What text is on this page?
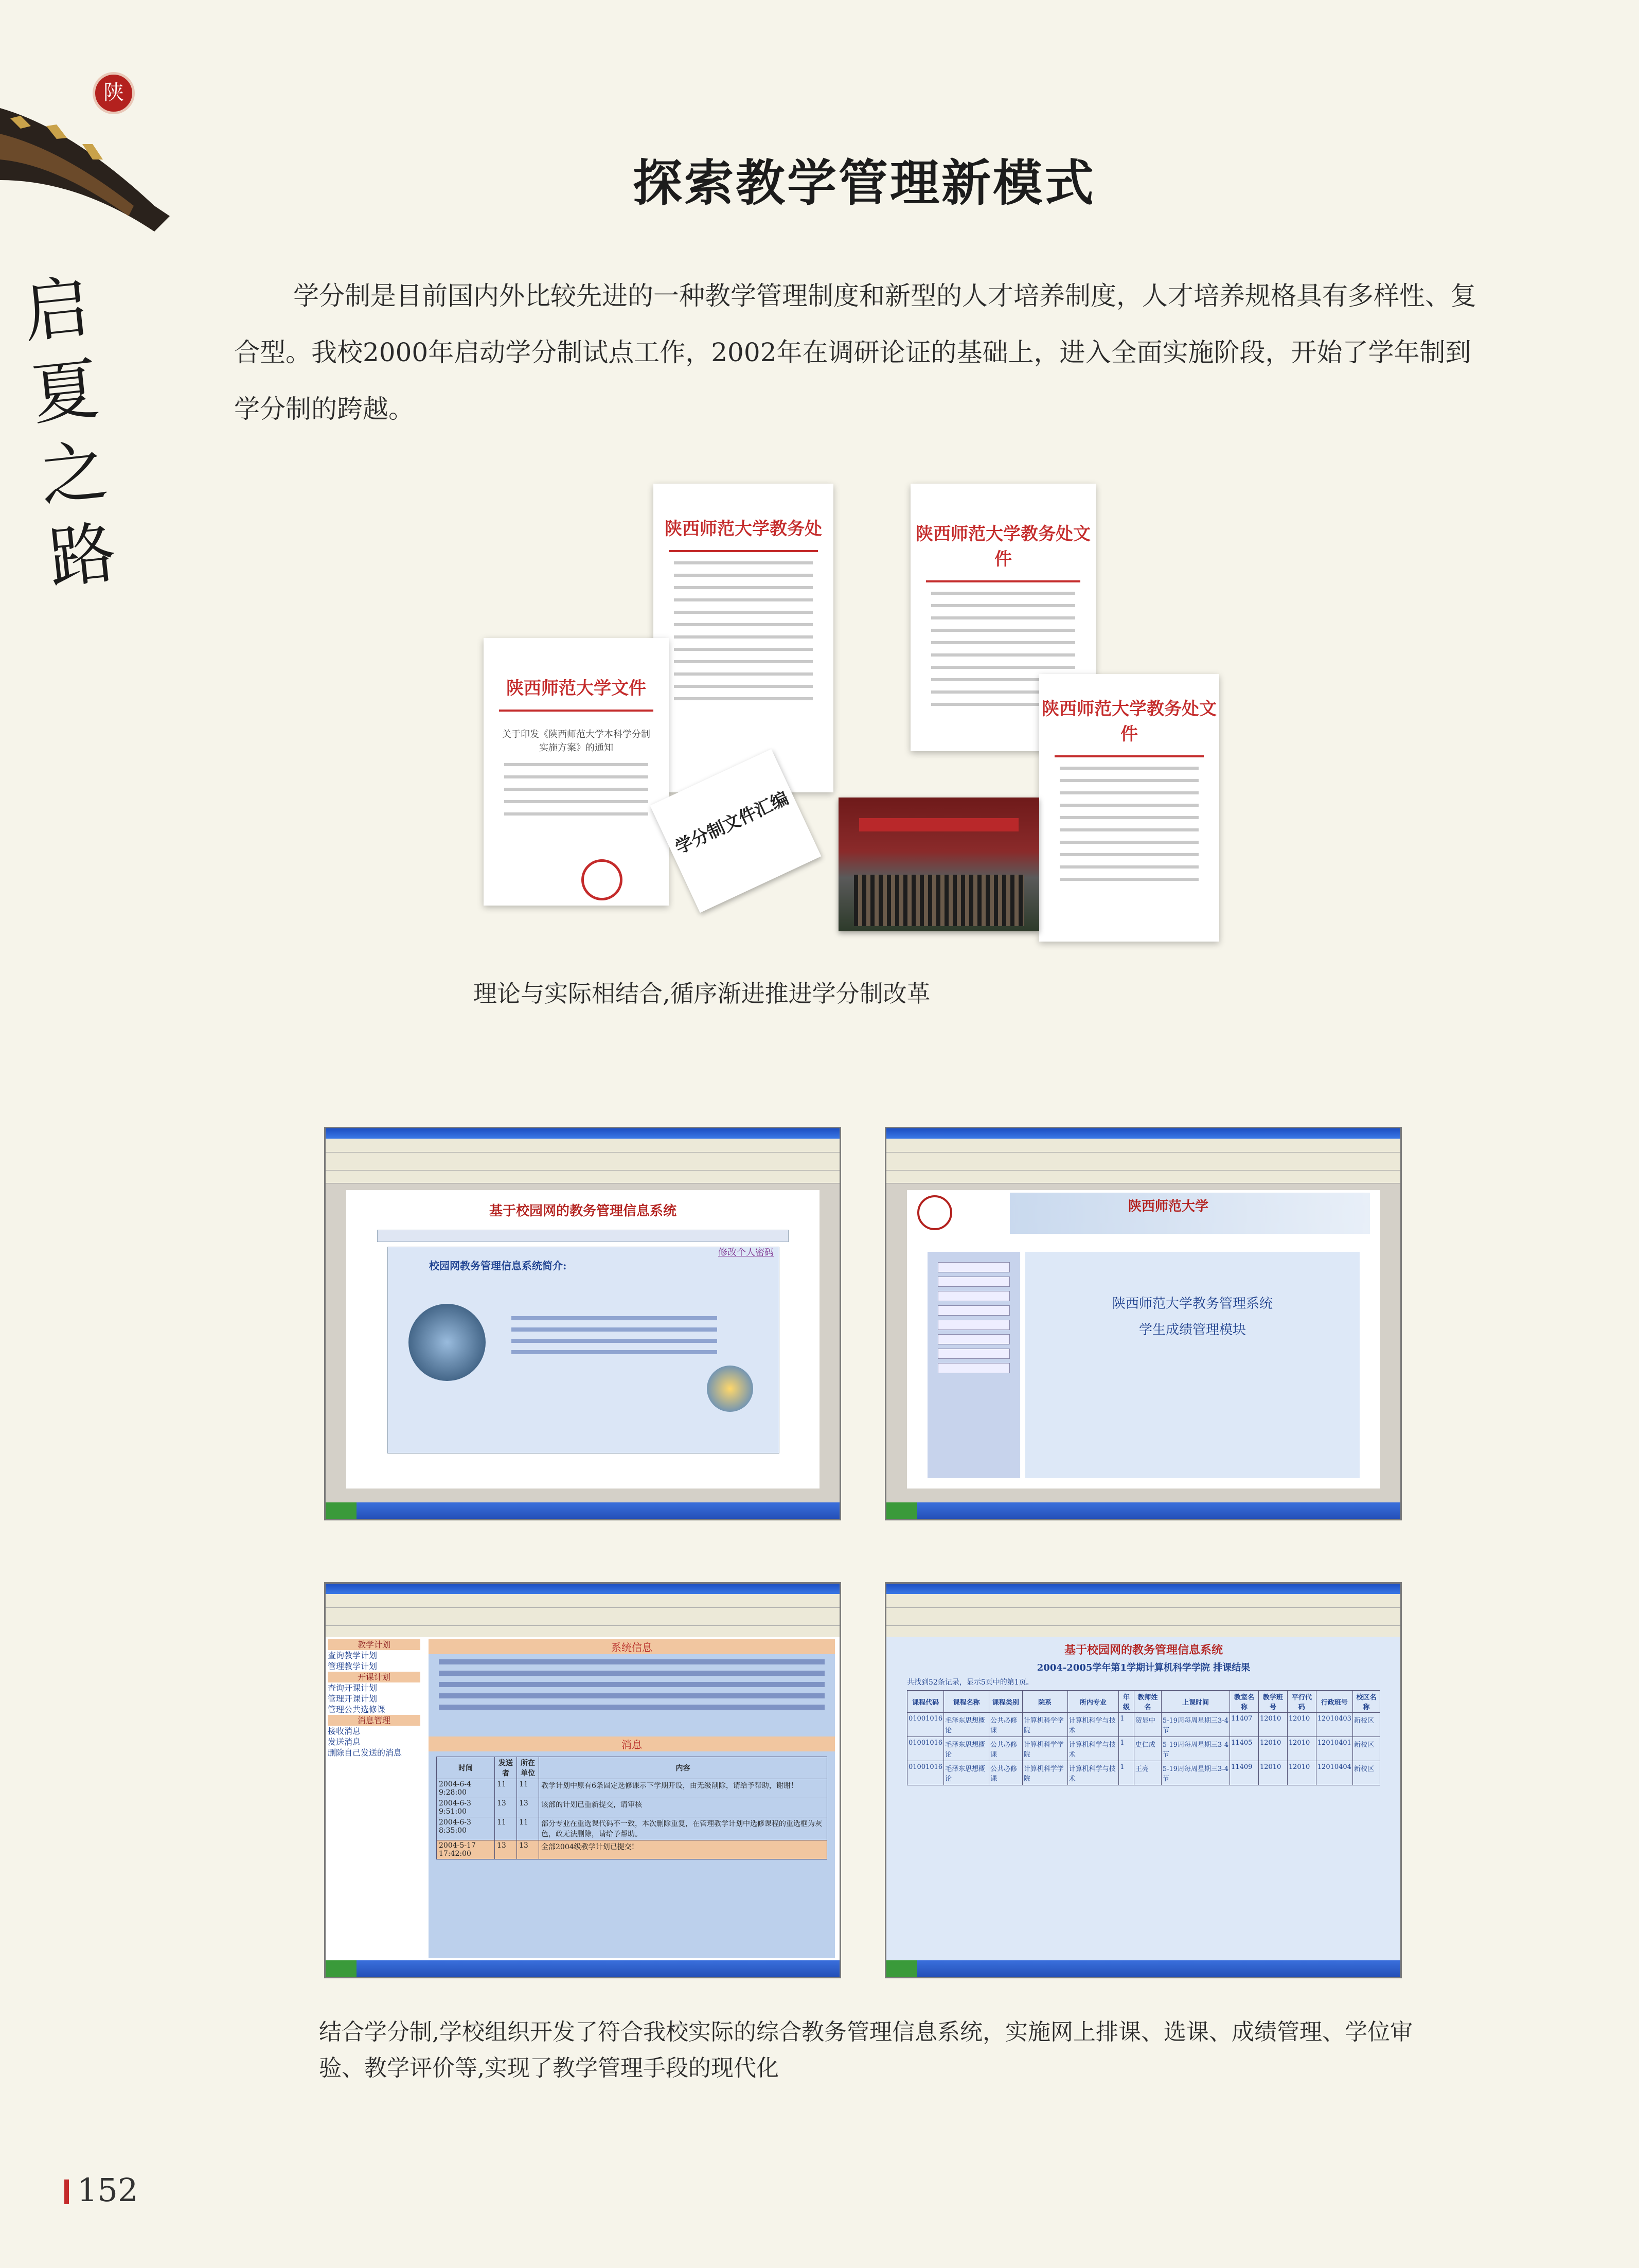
陕
启夏之路
探索教学管理新模式
学分制是目前国内外比较先进的一种教学管理制度和新型的人才培养制度，人才培养规格具有多样性、复合型。我校2000年启动学分制试点工作，2002年在调研论证的基础上，进入全面实施阶段，开始了学年制到学分制的跨越。
陕西师范大学教务处	陕西师范大学教务处文件
陕西师范大学文件
关于印发《陕西师范大学本科学分制实施方案》的通知
学分制文件汇编
陕西师范大学教务处文件
理论与实际相结合,循序渐进推进学分制改革
基于校园网的教务管理信息系统
校园网教务管理信息系统简介:
修改个人密码
陕西师范大学
陕西师范大学教务管理系统
学生成绩管理模块
教学计划
查询教学计划
管理教学计划
开课计划
查询开课计划
管理开课计划
管理公共选修课
消息管理
接收消息
发送消息
删除自己发送的消息
系统信息
消息
时间	发送者	所在单位	内容
2004-6-4 9:28:00	11	11	教学计划中原有6条固定选修课示下学期开设，由无级削除，请给予帮助，谢谢！
2004-6-3 9:51:00	13	13	该部的计划已重新提交，请审核
2004-6-3 8:35:00	11	11	部分专业在重选课代码不一致，本次删除重复，在管理教学计划中选修课程的重选框为灰色，政无法删除，请给予帮助。
2004-5-17 17:42:00	13	13	全部2004级教学计划已提交!
基于校园网的教务管理信息系统
2004-2005学年第1学期计算机科学学院 排课结果
共找到52条记录，显示5页中的第1页。
课程代码	课程名称	课程类别	院系	所内专业	年级	教师姓名	上课时间	教室名称	教学班号	平行代码	行政班号	校区名称
01001016	毛泽东思想概论	公共必修课	计算机科学学院	计算机科学与技术	1	贺显中	5-19周每周星期三3-4节	11407	12010	12010	12010403	新校区
01001016	毛泽东思想概论	公共必修课	计算机科学学院	计算机科学与技术	1	史仁成	5-19周每周星期三3-4节	11405	12010	12010	12010401	新校区
01001016	毛泽东思想概论	公共必修课	计算机科学学院	计算机科学与技术	1	王亮	5-19周每周星期三3-4节	11409	12010	12010	12010404	新校区
结合学分制,学校组织开发了符合我校实际的综合教务管理信息系统，实施网上排课、选课、成绩管理、学位审验、教学评价等,实现了教学管理手段的现代化
152
